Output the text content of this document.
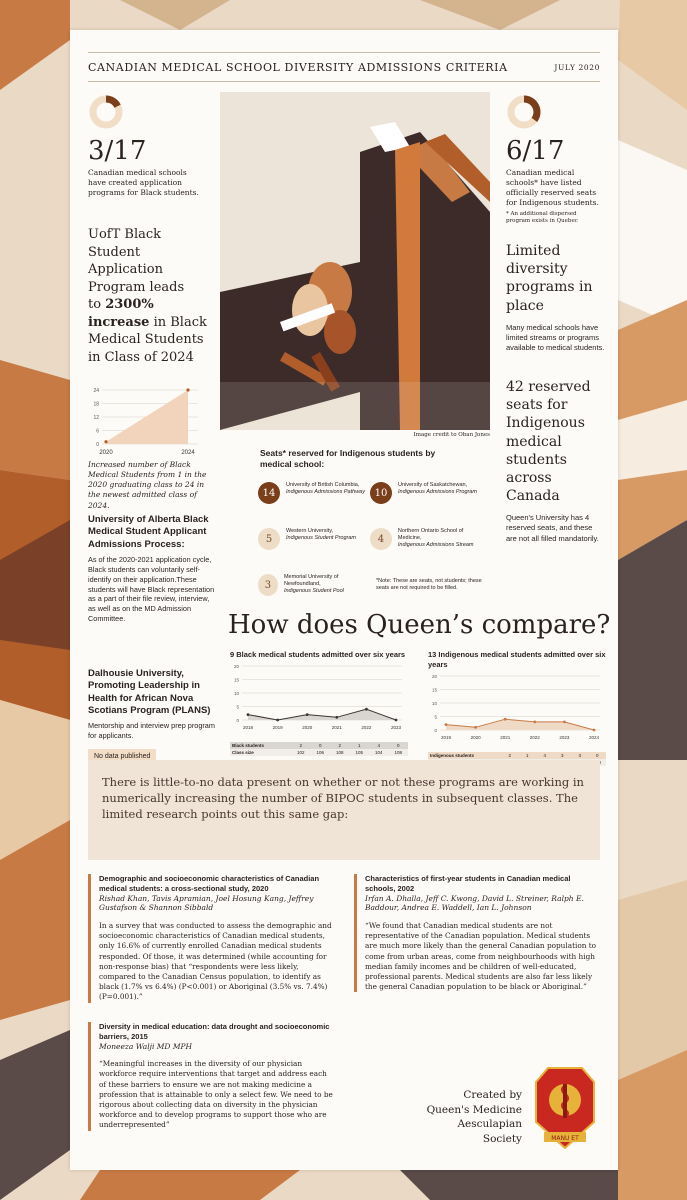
CANADIAN MEDICAL SCHOOL DIVERSITY ADMISSIONS CRITERIA	JULY 2020
3/17
Canadian medical schools have created application programs for Black students.
UofT Black
Student
Application
Program leads
to 2300%
increase in Black Medical Students in Class of 2024
24
18
12
6
0
2020	2024
Increased number of Black Medical Students from 1 in the 2020 graduating class to 24 in the newest admitted class of 2024.
University of Alberta Black Medical Student Applicant Admissions Process:
As of the 2020-2021 application cycle, Black students can voluntarily self-identify on their application.These students will have Black representation as a part of their file review, interview, as well as on the MD Admission Committee.
Dalhousie University, Promoting Leadership in Health for African Nova Scotians Program (PLANS)
Mentorship and interview prep program for applicants.
No data published
Image credit to Oban Jones
Seats* reserved for Indigenous students by medical school:
14
University of British Columbia,
Indigenous Admissions Pathway 10
University of Saskatchewan,
Indigenous Admissions Program
5
Western University,
Indigenous Student Program	4
Northern Ontario School of Medicine,
Indigenous Admissions Stream
3
Memorial University of Newfoundland,
Indigenous Student Pool
*Note: These are seats, not students; these seats are not required to be filled.
6/17
Canadian medical schools* have listed officially reserved seats for Indigenous students.
* An additional dispersed program exists in Quebec
Limited diversity programs in place
Many medical schools have limited streams or programs available to medical students.
42 reserved seats for Indigenous medical students across Canada
Queen's University has 4 reserved seats, and these are not all filled mandatorily.
How does Queen’s compare?
9 Black medical students admitted over six years
20
15
10
5
0
2018	2019	2020	2021	2022	2023
Black students	2	0	2	1	4	0
Class size	102	106	108	105	104	108
13 Indigenous medical students admitted over six years
20
15
10
5
0
2019	2020	2021	2022	2023	2024
Indigenous students	2	1	4	3	3	0

There is little-to-no data present on whether or not these programs are working in numerically increasing the number of BIPOC students in subsequent classes. The limited research points out this same gap:
Demographic and socioeconomic characteristics of Canadian medical students: a cross-sectional study, 2020
Rishad Khan, Tavis Apramian, Joel Hosung Kang, Jeffrey Gustafson & Shannon Sibbald
In a survey that was conducted to assess the demographic and socioeconomic characteristics of Canadian medical students, only 16.6% of currently enrolled Canadian medical students responded. Of those, it was determined (while accounting for non-response bias) that “respondents were less likely, compared to the Canadian Census population, to identify as black (1.7% vs 6.4%) (P<0.001) or Aboriginal (3.5% vs. 7.4%) (P=0.001).”
Characteristics of first-year students in Canadian medical schools, 2002
Irfan A. Dhalla, Jeff C. Kwong, David L. Streiner, Ralph E. Baddour, Andrea E. Waddell, Ian L. Johnson
“We found that Canadian medical students are not representative of the Canadian population. Medical students are much more likely than the general Canadian population to come from urban areas, come from neighbourhoods with high median family incomes and be children of well-educated, professional parents. Medical students are also far less likely the general Canadian population to be black or Aboriginal.”
Diversity in medical education: data drought and socioeconomic barriers, 2015
Moneeza Walji MD MPH
“Meaningful increases in the diversity of our physician workforce require interventions that target and address each of these barriers to ensure we are not making medicine a profession that is attainable to only a select few. We need to be rigorous about collecting data on diversity in the physician workforce and to develop programs to support those who are underrepresented”
Created by
Queen's Medicine
Aesculapian Society	MANU ET
